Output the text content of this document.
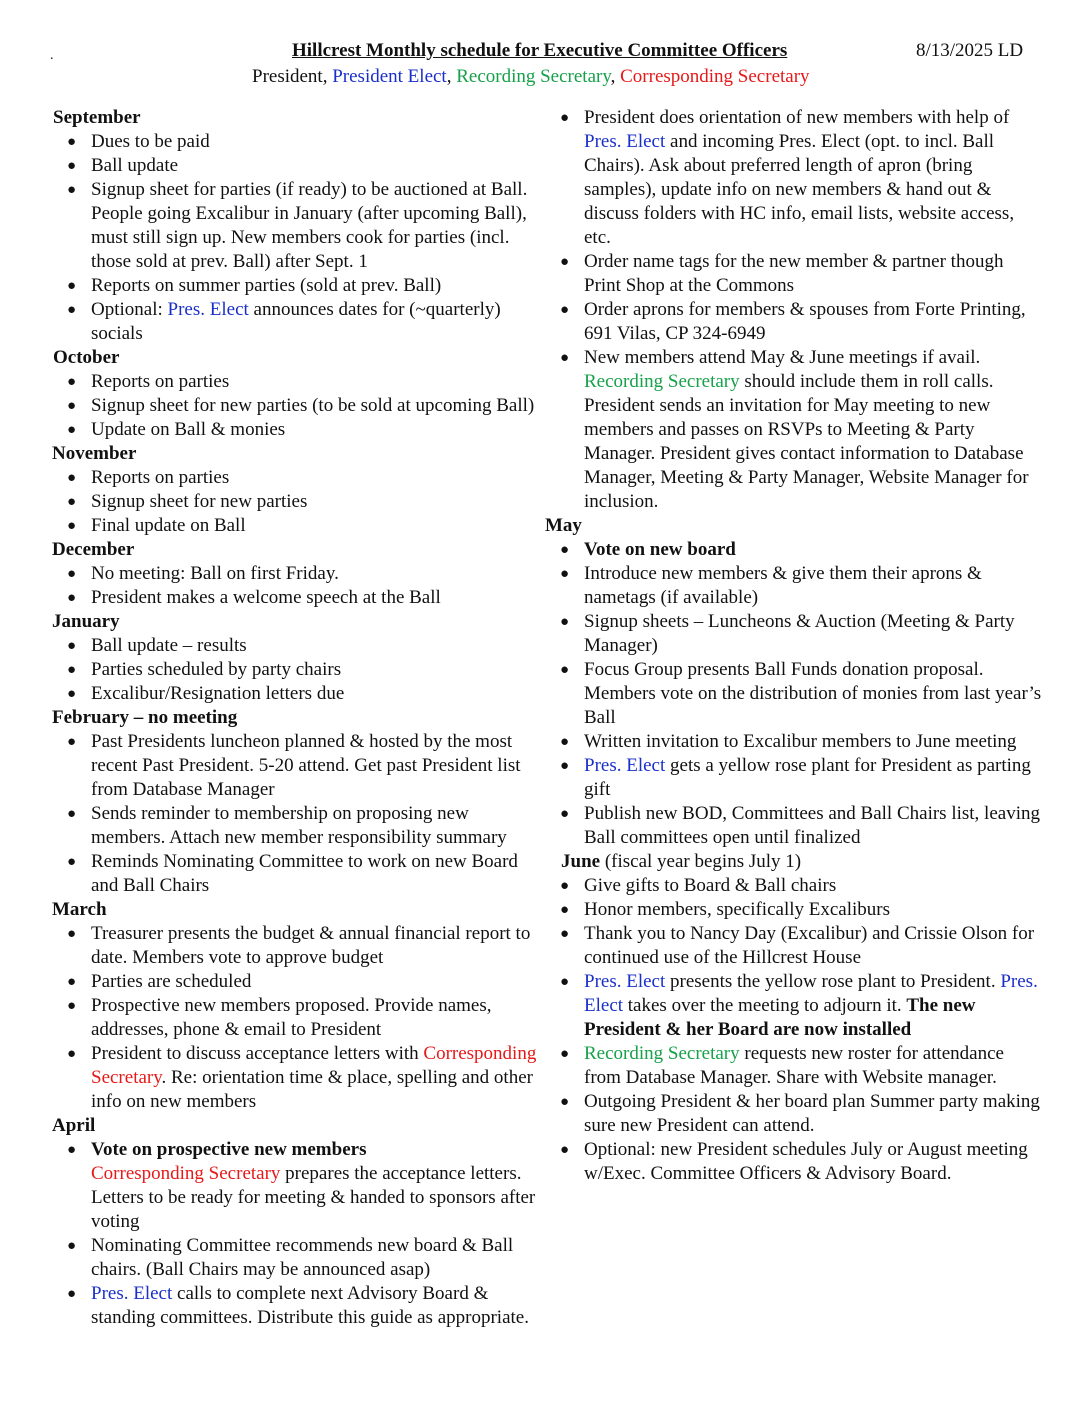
.	Hillcrest Monthly schedule for Executive Committee Officers	8/13/2025 LD
President, President Elect, Recording Secretary, Corresponding Secretary
September
● Dues to be paid
● Ball update
● Signup sheet for parties (if ready) to be auctioned at Ball. People going Excalibur in January (after upcoming Ball), must still sign up. New members cook for parties (incl. those sold at prev. Ball) after Sept. 1
● Reports on summer parties (sold at prev. Ball)
● Optional: Pres. Elect announces dates for (~quarterly) socials
October
● Reports on parties
● Signup sheet for new parties (to be sold at upcoming Ball)
● Update on Ball & monies
November
● Reports on parties
● Signup sheet for new parties
● Final update on Ball
December
● No meeting: Ball on first Friday.
● President makes a welcome speech at the Ball
January
● Ball update – results
● Parties scheduled by party chairs
● Excalibur/Resignation letters due
February – no meeting
● Past Presidents luncheon planned & hosted by the most recent Past President. 5-20 attend. Get past President list from Database Manager
● Sends reminder to membership on proposing new members. Attach new member responsibility summary
● Reminds Nominating Committee to work on new Board and Ball Chairs
March
● Treasurer presents the budget & annual financial report to date. Members vote to approve budget
● Parties are scheduled
● Prospective new members proposed. Provide names, addresses, phone & email to President
● President to discuss acceptance letters with Corresponding Secretary. Re: orientation time & place, spelling and other info on new members
April
● Vote on prospective new members
Corresponding Secretary prepares the acceptance letters. Letters to be ready for meeting & handed to sponsors after voting
● Nominating Committee recommends new board & Ball chairs. (Ball Chairs may be announced asap)
● Pres. Elect calls to complete next Advisory Board & standing committees. Distribute this guide as appropriate.
● President does orientation of new members with help of Pres. Elect and incoming Pres. Elect (opt. to incl. Ball Chairs). Ask about preferred length of apron (bring samples), update info on new members & hand out & discuss folders with HC info, email lists, website access, etc.
● Order name tags for the new member & partner though Print Shop at the Commons
● Order aprons for members & spouses from Forte Printing, 691 Vilas, CP 324-6949
● New members attend May & June meetings if avail. Recording Secretary should include them in roll calls. President sends an invitation for May meeting to new members and passes on RSVPs to Meeting & Party Manager. President gives contact information to Database Manager, Meeting & Party Manager, Website Manager for inclusion.
May
● Vote on new board
● Introduce new members & give them their aprons & nametags (if available)
● Signup sheets – Luncheons & Auction (Meeting & Party Manager)
● Focus Group presents Ball Funds donation proposal. Members vote on the distribution of monies from last year’s Ball
● Written invitation to Excalibur members to June meeting
● Pres. Elect gets a yellow rose plant for President as parting gift
● Publish new BOD, Committees and Ball Chairs list, leaving Ball committees open until finalized
June (fiscal year begins July 1)
● Give gifts to Board & Ball chairs
● Honor members, specifically Excaliburs
● Thank you to Nancy Day (Excalibur) and Crissie Olson for continued use of the Hillcrest House
● Pres. Elect presents the yellow rose plant to President. Pres. Elect takes over the meeting to adjourn it. The new President & her Board are now installed
● Recording Secretary requests new roster for attendance from Database Manager. Share with Website manager.
● Outgoing President & her board plan Summer party making sure new President can attend.
● Optional: new President schedules July or August meeting w/Exec. Committee Officers & Advisory Board.
